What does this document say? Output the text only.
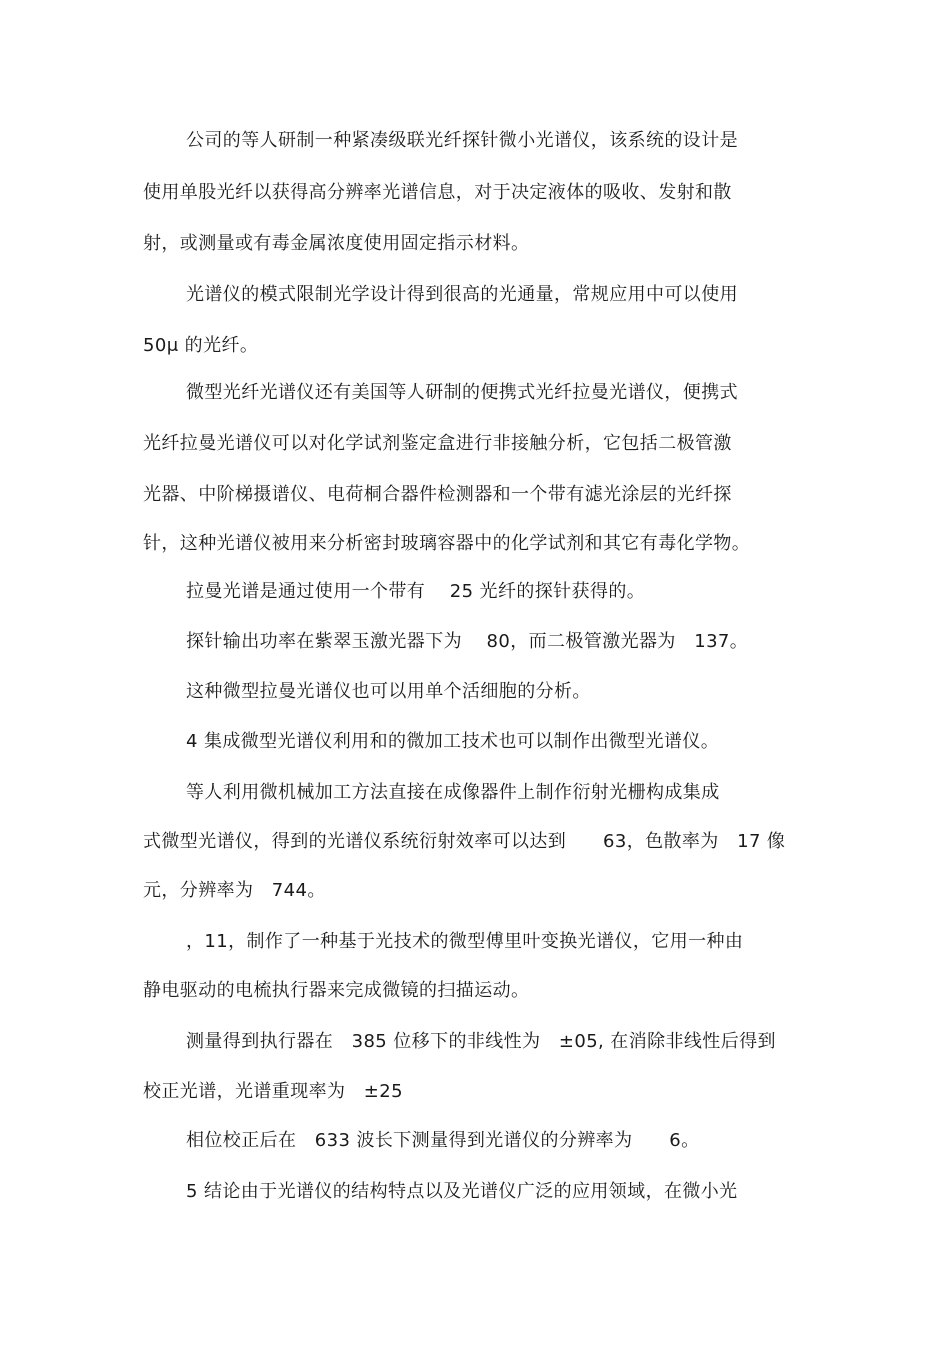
公司的等人研制一种紧凑级联光纤探针微小光谱仪，该系统的设计是
使用单股光纤以获得高分辨率光谱信息，对于决定液体的吸收、发射和散
射，或测量或有毒金属浓度使用固定指示材料。
光谱仪的模式限制光学设计得到很高的光通量，常规应用中可以使用
50μ 的光纤。
微型光纤光谱仪还有美国等人研制的便携式光纤拉曼光谱仪，便携式
光纤拉曼光谱仪可以对化学试剂鉴定盒进行非接触分析，它包括二极管激
光器、中阶梯摄谱仪、电荷桐合器件检测器和一个带有滤光涂层的光纤探
针，这种光谱仪被用来分析密封玻璃容器中的化学试剂和其它有毒化学物。
拉曼光谱是通过使用一个带有　 25 光纤的探针获得的。
探针输出功率在紫翠玉激光器下为　 80，而二极管激光器为　137。
这种微型拉曼光谱仪也可以用单个活细胞的分析。
4 集成微型光谱仪利用和的微加工技术也可以制作出微型光谱仪。
等人利用微机械加工方法直接在成像器件上制作衍射光栅构成集成
式微型光谱仪，得到的光谱仪系统衍射效率可以达到　　63，色散率为　17 像
元，分辨率为　744。
，11，制作了一种基于光技术的微型傅里叶变换光谱仪，它用一种由
静电驱动的电梳执行器来完成微镜的扫描运动。
测量得到执行器在　385 位移下的非线性为　±05, 在消除非线性后得到
校正光谱，光谱重现率为　±25
相位校正后在　633 波长下测量得到光谱仪的分辨率为　　6。
5 结论由于光谱仪的结构特点以及光谱仪广泛的应用领域，在微小光
